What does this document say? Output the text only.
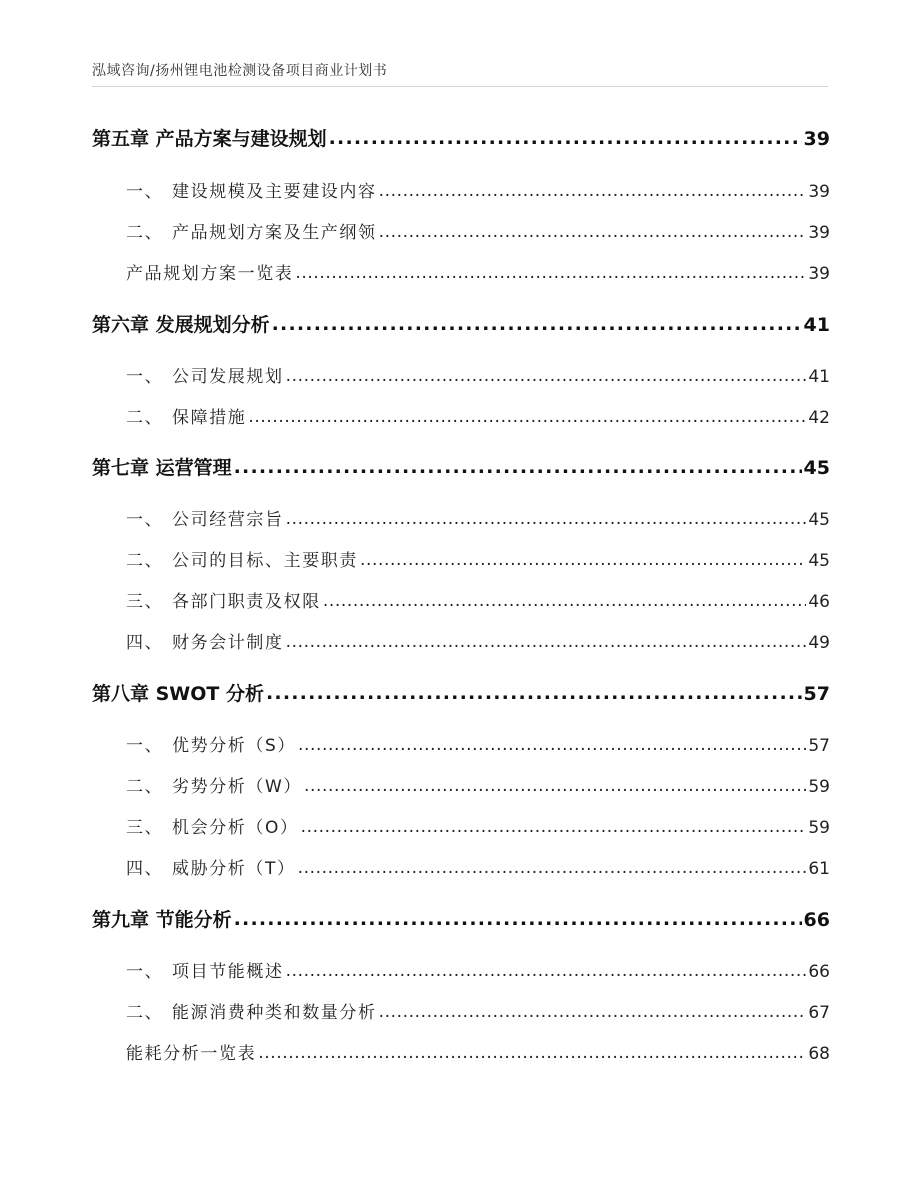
泓域咨询/扬州锂电池检测设备项目商业计划书
第五章 产品方案与建设规划 .....	39
一、 建设规模及主要建设内容 .....	39
二、 产品规划方案及生产纲领 .....	39
产品规划方案一览表 .....	39
第六章 发展规划分析 .....	41
一、 公司发展规划 .....	41
二、 保障措施 .....	42
第七章 运营管理 .....	45
一、 公司经营宗旨 .....	45
二、 公司的目标、主要职责 .....	45
三、 各部门职责及权限 .....	46
四、 财务会计制度 .....	49
第八章 SWOT 分析 .....	57
一、 优势分析（S） .....	57
二、 劣势分析（W） .....	59
三、 机会分析（O） .....	59
四、 威胁分析（T） .....	61
第九章 节能分析 .....	66
一、 项目节能概述 .....	66
二、 能源消费种类和数量分析 .....	67
能耗分析一览表 .....	68
